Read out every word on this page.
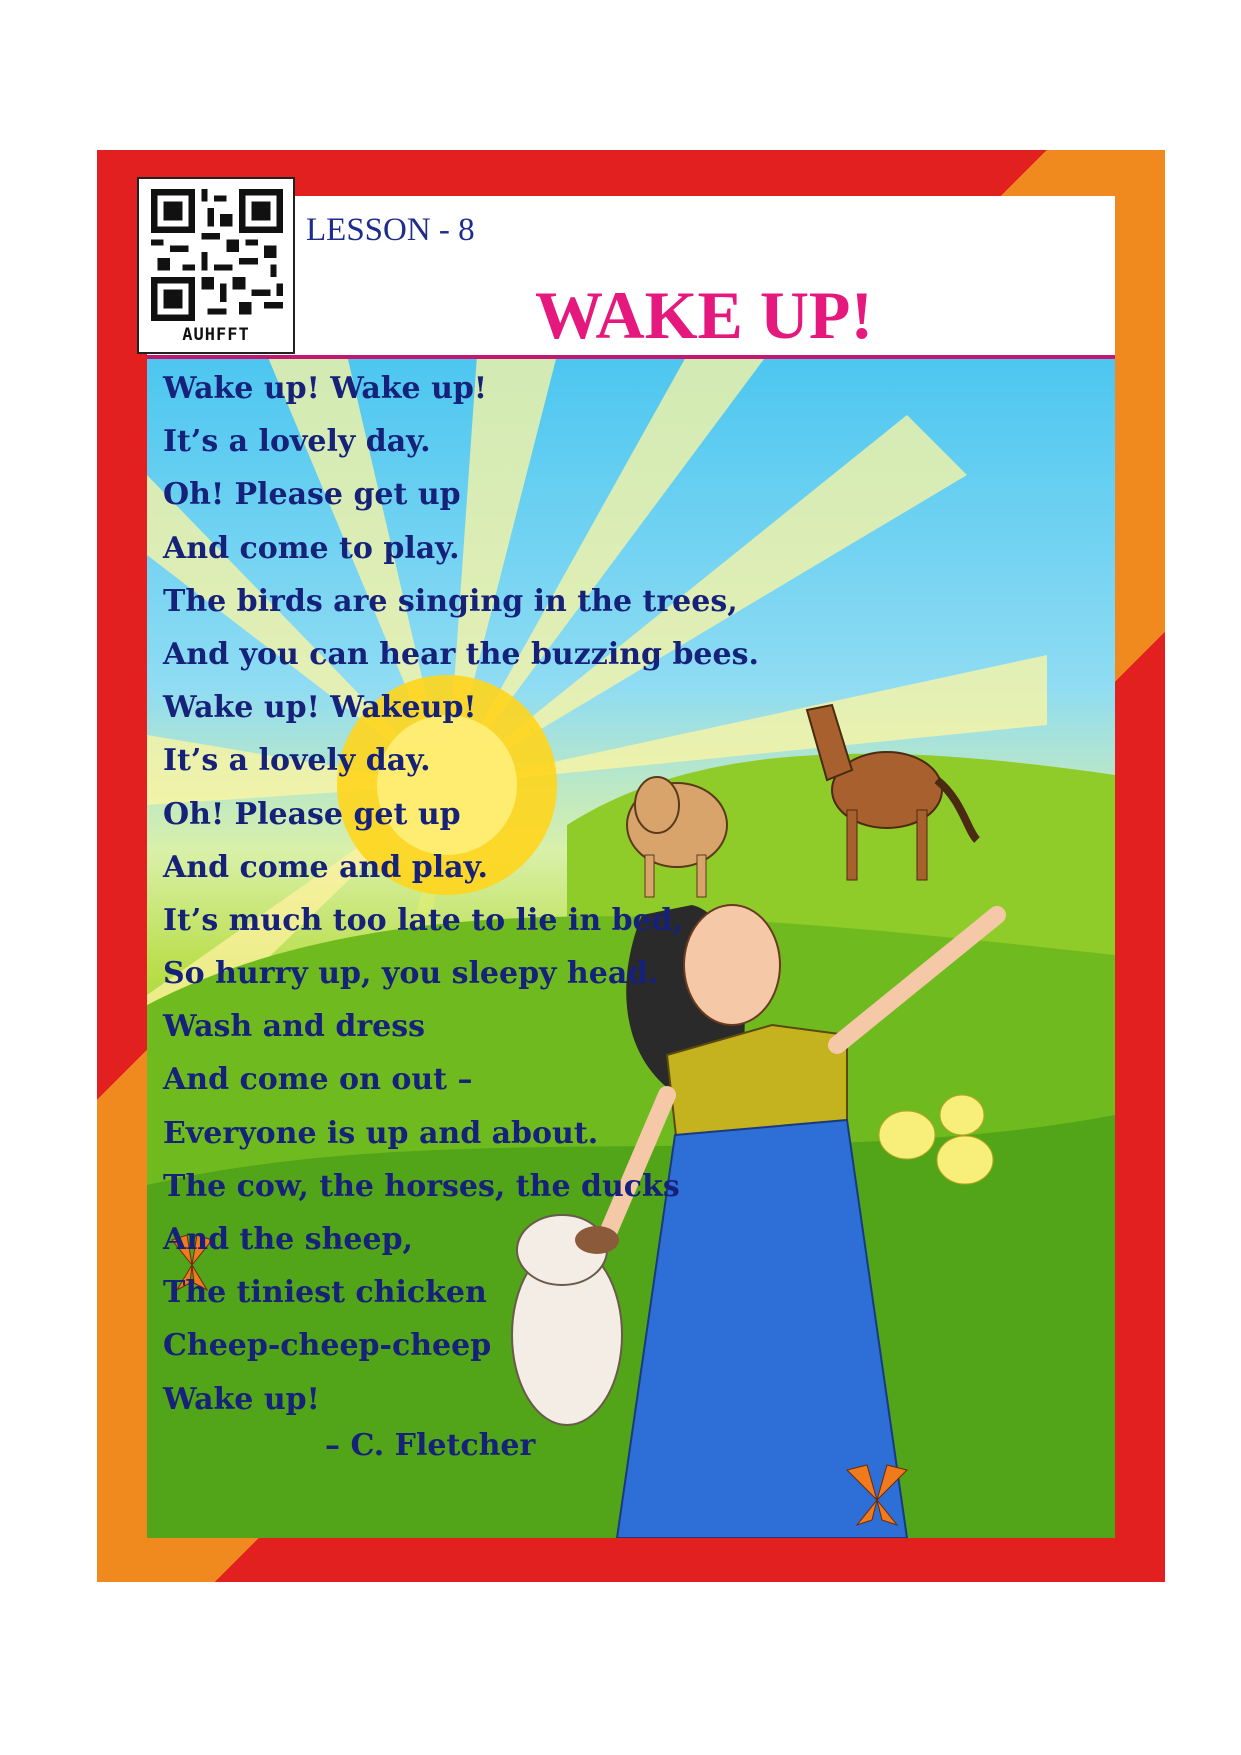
AUHFFT
LESSON - 8
WAKE UP!
Wake up! Wake up!
It’s a lovely day.
Oh! Please get up
And come to play.
The birds are singing in the trees,
And you can hear the buzzing bees.
Wake up! Wakeup!
It’s a lovely day.
Oh! Please get up
And come and play.
It’s much too late to lie in bed,
So hurry up, you sleepy head.
Wash and dress
And come on out –
Everyone is up and about.
The cow, the horses, the ducks
And the sheep,
The tiniest chicken
Cheep-cheep-cheep
Wake up!
– C. Fletcher
